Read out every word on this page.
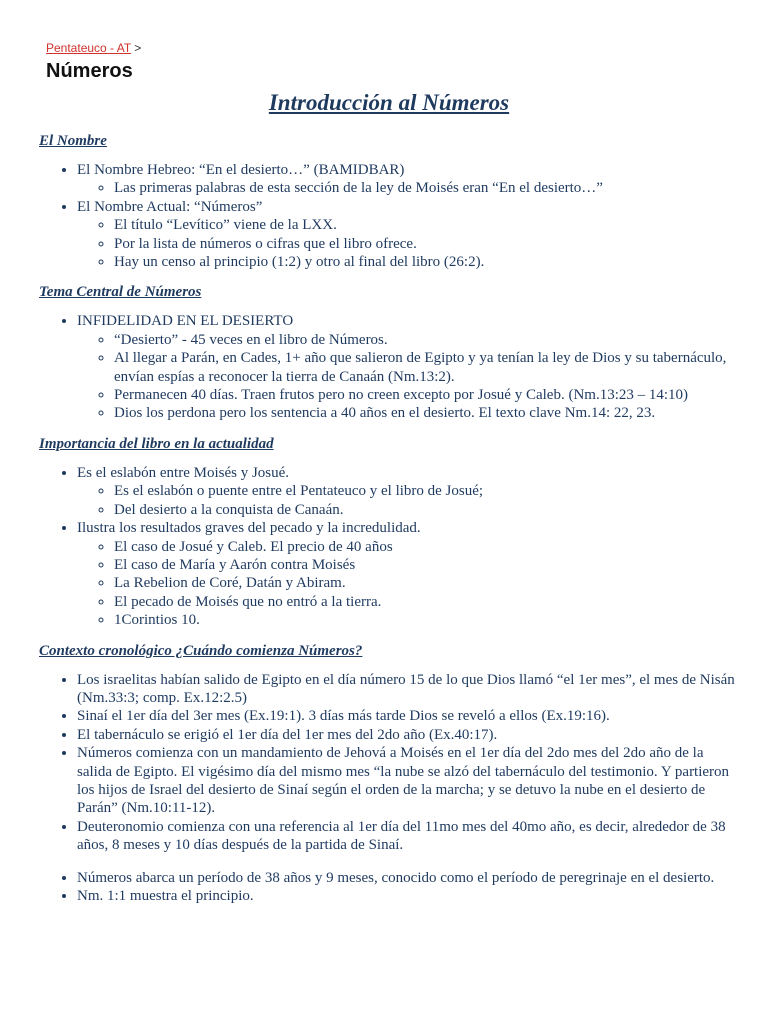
Pentateuco - AT >
Números
Introducción al Números
El Nombre
• El Nombre Hebreo: “En el desierto…” (BAMIDBAR)
◦ Las primeras palabras de esta sección de la ley de Moisés eran “En el desierto…”
• El Nombre Actual: “Números”
◦ El título “Levítico” viene de la LXX.
◦ Por la lista de números o cifras que el libro ofrece.
◦ Hay un censo al principio (1:2) y otro al final del libro (26:2).
Tema Central de Números
• INFIDELIDAD EN EL DESIERTO
◦ “Desierto” - 45 veces en el libro de Números.
◦ Al llegar a Parán, en Cades, 1+ año que salieron de Egipto y ya tenían la ley de Dios y su tabernáculo, envían espías a reconocer la tierra de Canaán (Nm.13:2).
◦ Permanecen 40 días. Traen frutos pero no creen excepto por Josué y Caleb. (Nm.13:23 – 14:10)
◦ Dios los perdona pero los sentencia a 40 años en el desierto. El texto clave Nm.14: 22, 23.
Importancia del libro en la actualidad
• Es el eslabón entre Moisés y Josué.
◦ Es el eslabón o puente entre el Pentateuco y el libro de Josué;
◦ Del desierto a la conquista de Canaán.
• Ilustra los resultados graves del pecado y la incredulidad.
◦ El caso de Josué y Caleb. El precio de 40 años
◦ El caso de María y Aarón contra Moisés
◦ La Rebelion de Coré, Datán y Abiram.
◦ El pecado de Moisés que no entró a la tierra.
◦ 1Corintios 10.
Contexto cronológico ¿Cuándo comienza Números?
• Los israelitas habían salido de Egipto en el día número 15 de lo que Dios llamó “el 1er mes”, el mes de Nisán (Nm.33:3; comp. Ex.12:2.5)
• Sinaí el 1er día del 3er mes (Ex.19:1). 3 días más tarde Dios se reveló a ellos (Ex.19:16).
• El tabernáculo se erigió el 1er día del 1er mes del 2do año (Ex.40:17).
• Números comienza con un mandamiento de Jehová a Moisés en el 1er día del 2do mes del 2do año de la salida de Egipto. El vigésimo día del mismo mes “la nube se alzó del tabernáculo del testimonio. Y partieron los hijos de Israel del desierto de Sinaí según el orden de la marcha; y se detuvo la nube en el desierto de Parán” (Nm.10:11-12).
• Deuteronomio comienza con una referencia al 1er día del 11mo mes del 40mo año, es decir, alrededor de 38 años, 8 meses y 10 días después de la partida de Sinaí.
• Números abarca un período de 38 años y 9 meses, conocido como el período de peregrinaje en el desierto.
• Nm. 1:1 muestra el principio.
